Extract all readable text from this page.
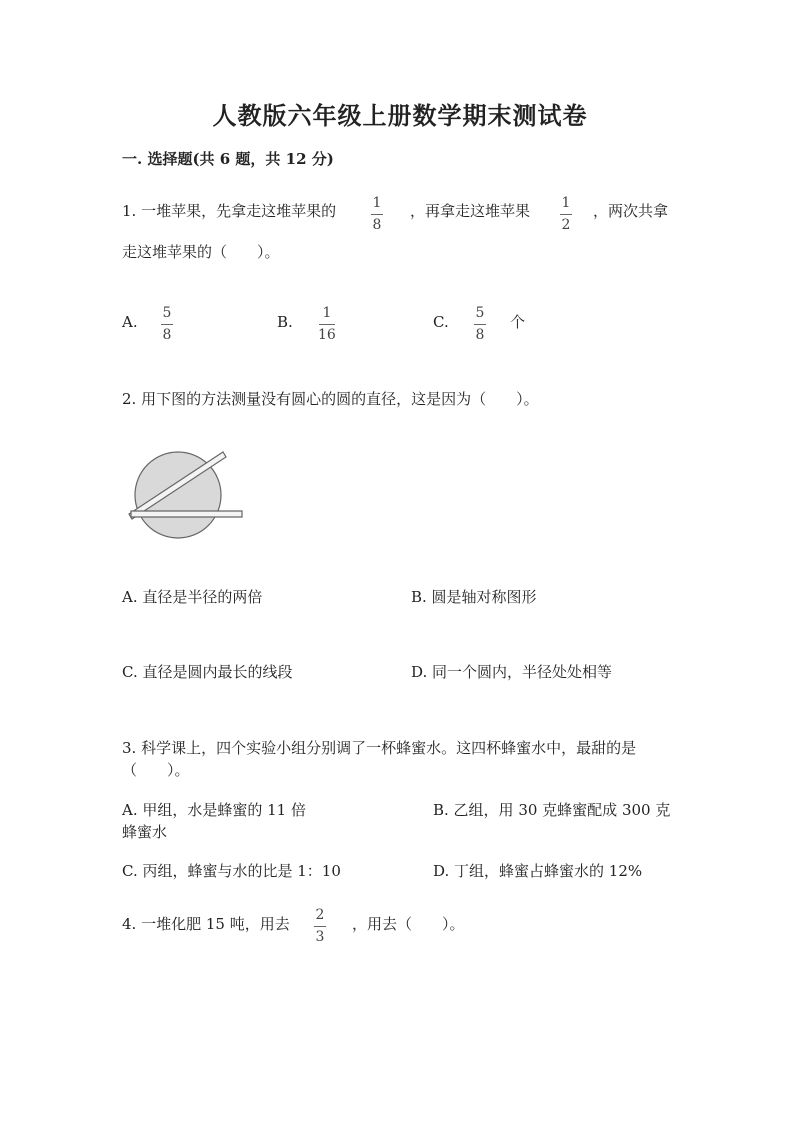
人教版六年级上册数学期末测试卷
一. 选择题(共 6 题，共 12 分)
1. 一堆苹果，先拿走这堆苹果的	1
8
，再拿走这堆苹果 1
2
，两次共拿
走这堆苹果的（　　）。
A. 5
8
B. 1
16
C. 5
8
个
2. 用下图的方法测量没有圆心的圆的直径，这是因为（　　）。
A. 直径是半径的两倍	B. 圆是轴对称图形
C. 直径是圆内最长的线段	D. 同一个圆内，半径处处相等
3. 科学课上，四个实验小组分别调了一杯蜂蜜水。这四杯蜂蜜水中，最甜的是
（　　）。
A. 甲组，水是蜂蜜的 11 倍	B. 乙组，用 30 克蜂蜜配成 300 克
蜂蜜水
C. 丙组，蜂蜜与水的比是 1：10	D. 丁组，蜂蜜占蜂蜜水的 12%
4. 一堆化肥 15 吨，用去 2
3
，用去（　　）。
